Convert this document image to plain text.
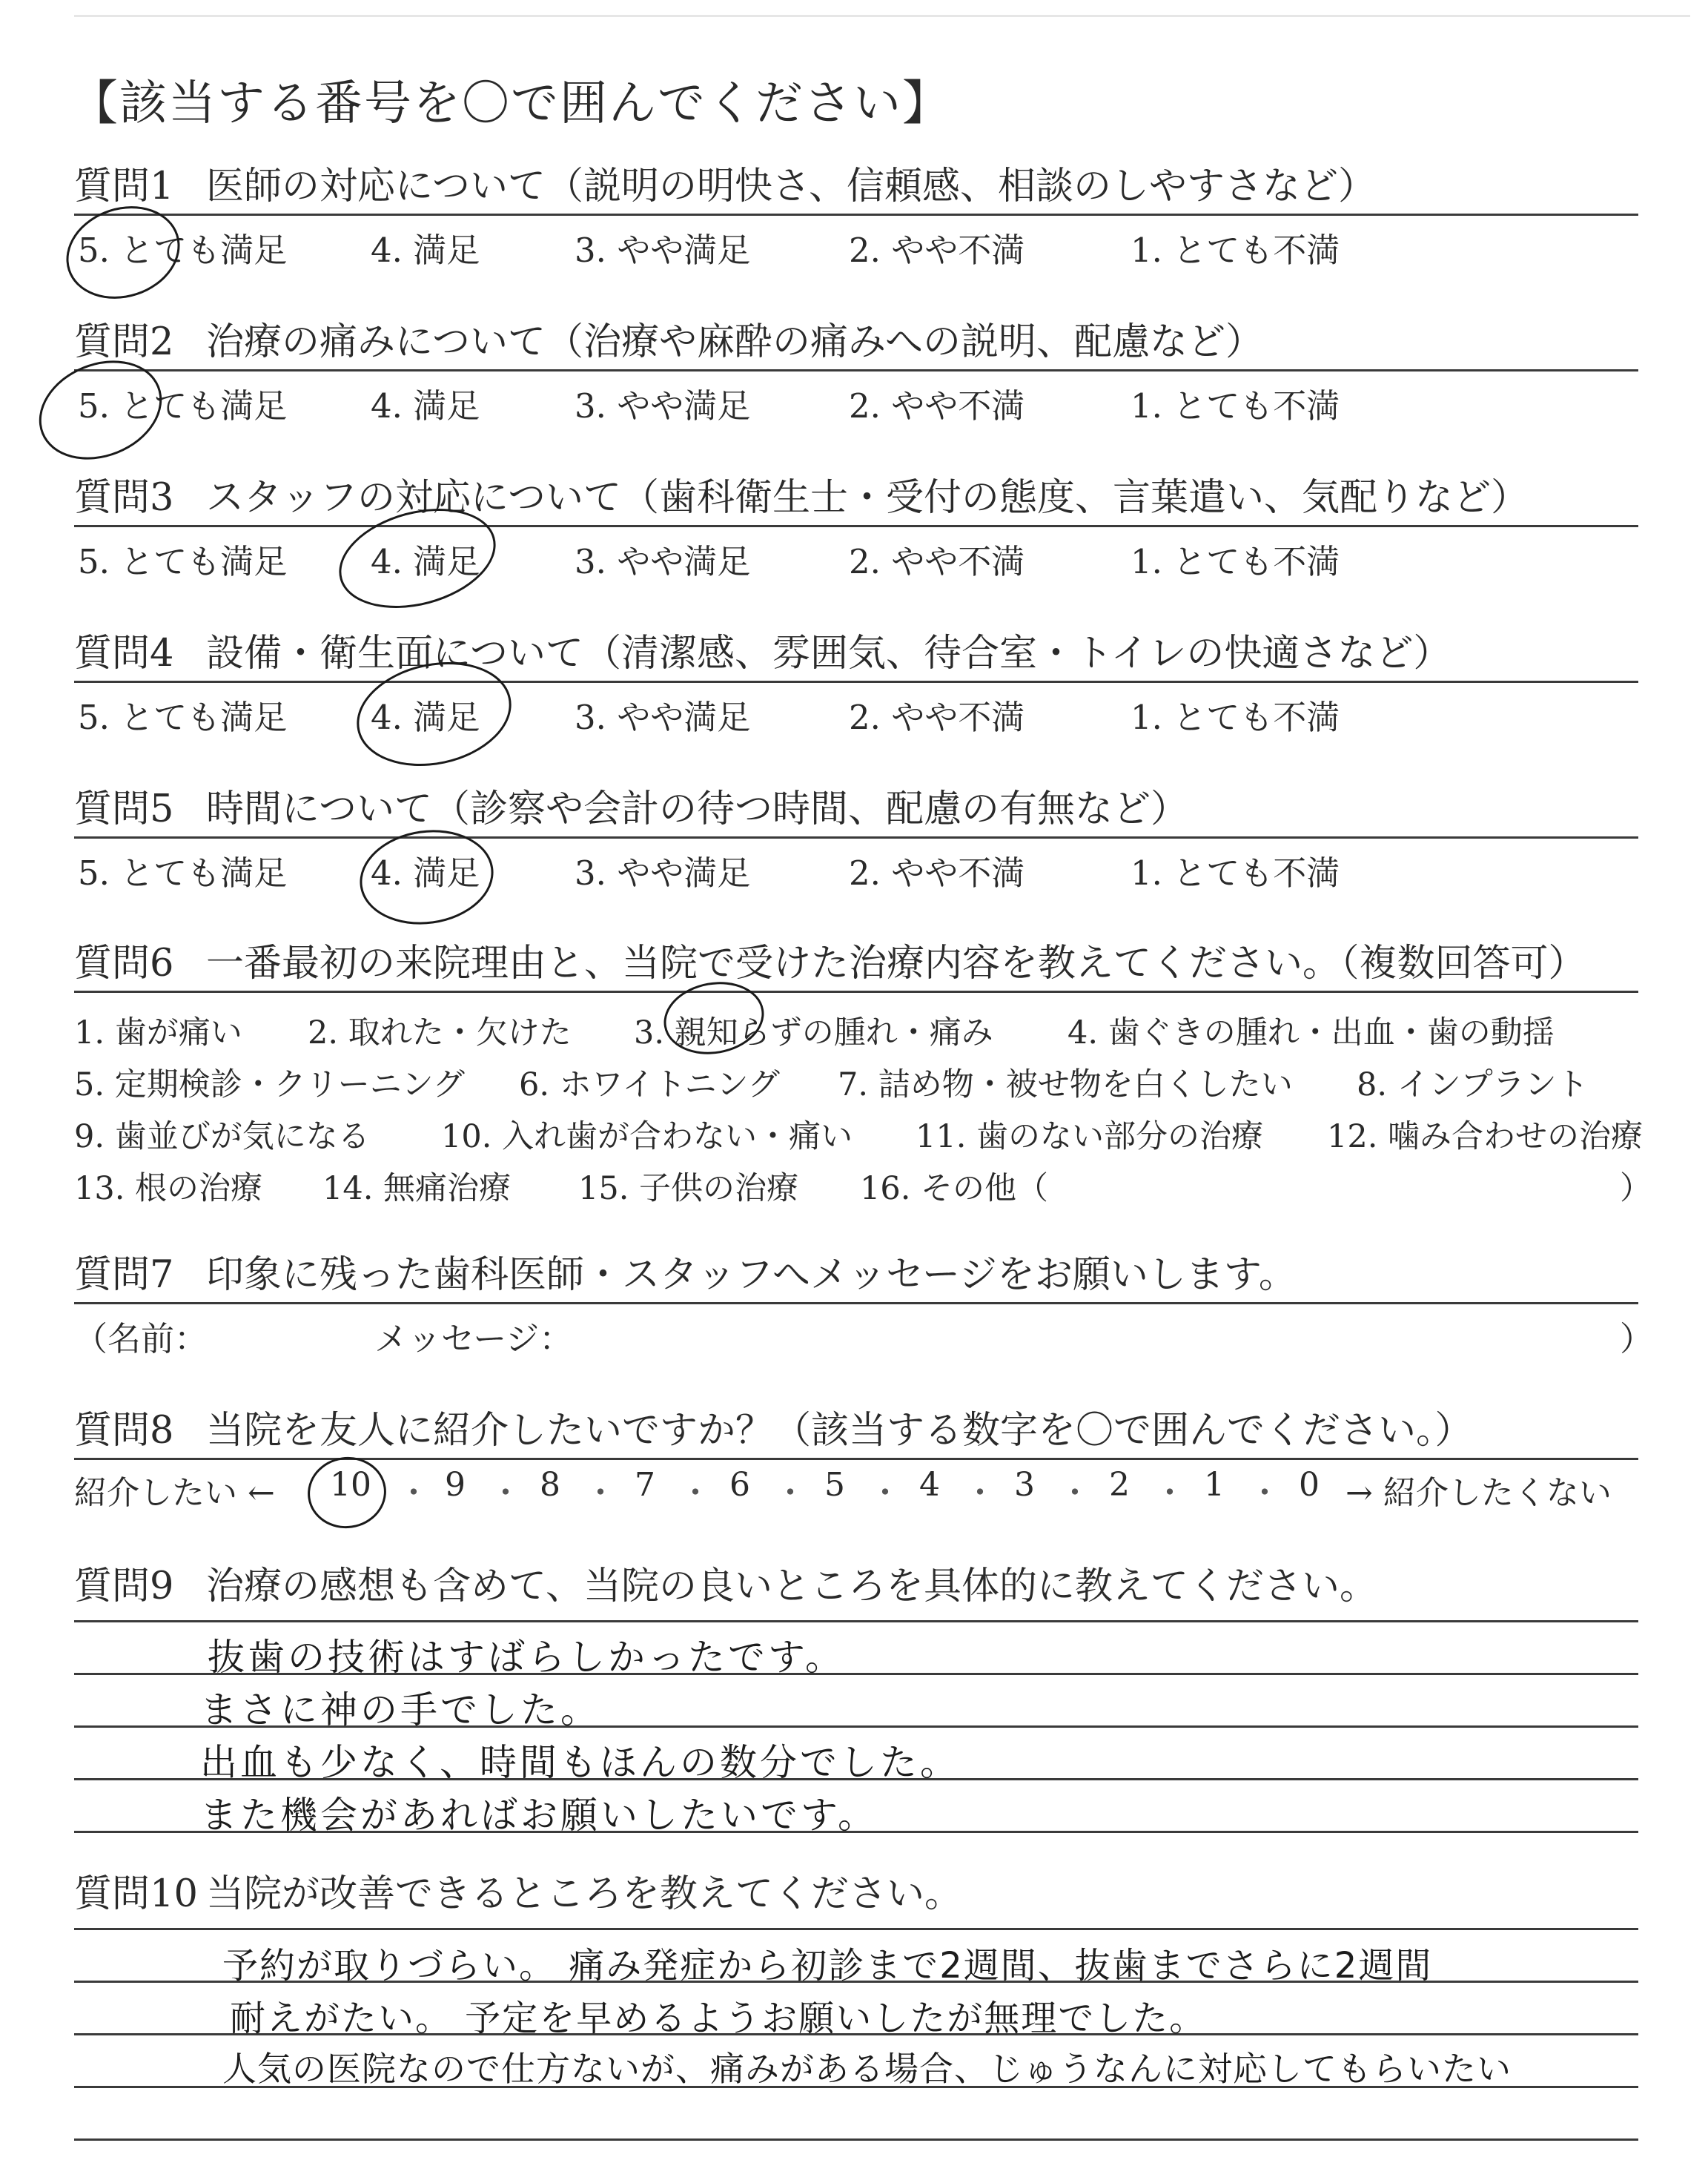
【該当する番号を〇で囲んでください】
質問1 医師の対応について（説明の明快さ、信頼感、相談のしやすさなど）
5. とても満足	4. 満足	3. やや満足	2. やや不満	1. とても不満
質問2 治療の痛みについて（治療や麻酔の痛みへの説明、配慮など）
5. とても満足	4. 満足	3. やや満足	2. やや不満	1. とても不満
質問3 スタッフの対応について（歯科衛生士・受付の態度、言葉遣い、気配りなど）
5. とても満足	4. 満足	3. やや満足	2. やや不満	1. とても不満
質問4 設備・衛生面について（清潔感、雰囲気、待合室・トイレの快適さなど）
5. とても満足	4. 満足	3. やや満足	2. やや不満	1. とても不満
質問5 時間について（診察や会計の待つ時間、配慮の有無など）
5. とても満足	4. 満足	3. やや満足	2. やや不満	1. とても不満
質問6 一番最初の来院理由と、当院で受けた治療内容を教えてください。（複数回答可）
1. 歯が痛い 2. 取れた・欠けた 3. 親知らずの腫れ・痛み 4. 歯ぐきの腫れ・出血・歯の動揺
5. 定期検診・クリーニング 6. ホワイトニング 7. 詰め物・被せ物を白くしたい 8. インプラント
9. 歯並びが気になる 10. 入れ歯が合わない・痛い 11. 歯のない部分の治療 12. 噛み合わせの治療
13. 根の治療 14. 無痛治療 15. 子供の治療 16. その他（	）
質問7 印象に残った歯科医師・スタッフへメッセージをお願いします。
（名前：	メッセージ：	）
質問8 当院を友人に紹介したいですか？（該当する数字を〇で囲んでください。）
紹介したい ← 10 ・ 9 ・ 8 ・ 7 ・ 6 ・ 5 ・ 4 ・ 3 ・ 2 ・ 1 ・ 0 → 紹介したくない
質問9 治療の感想も含めて、当院の良いところを具体的に教えてください。
抜歯の技術はすばらしかったです。
まさに神の手でした。
出血も少なく、時間もほんの数分でした。
また機会があればお願いしたいです。
質問10 当院が改善できるところを教えてください。
予約が取りづらい。 痛み発症から初診まで2週間、抜歯までさらに2週間
耐えがたい。 予定を早めるようお願いしたが無理でした。
人気の医院なので仕方ないが、痛みがある場合、じゅうなんに対応してもらいたい
